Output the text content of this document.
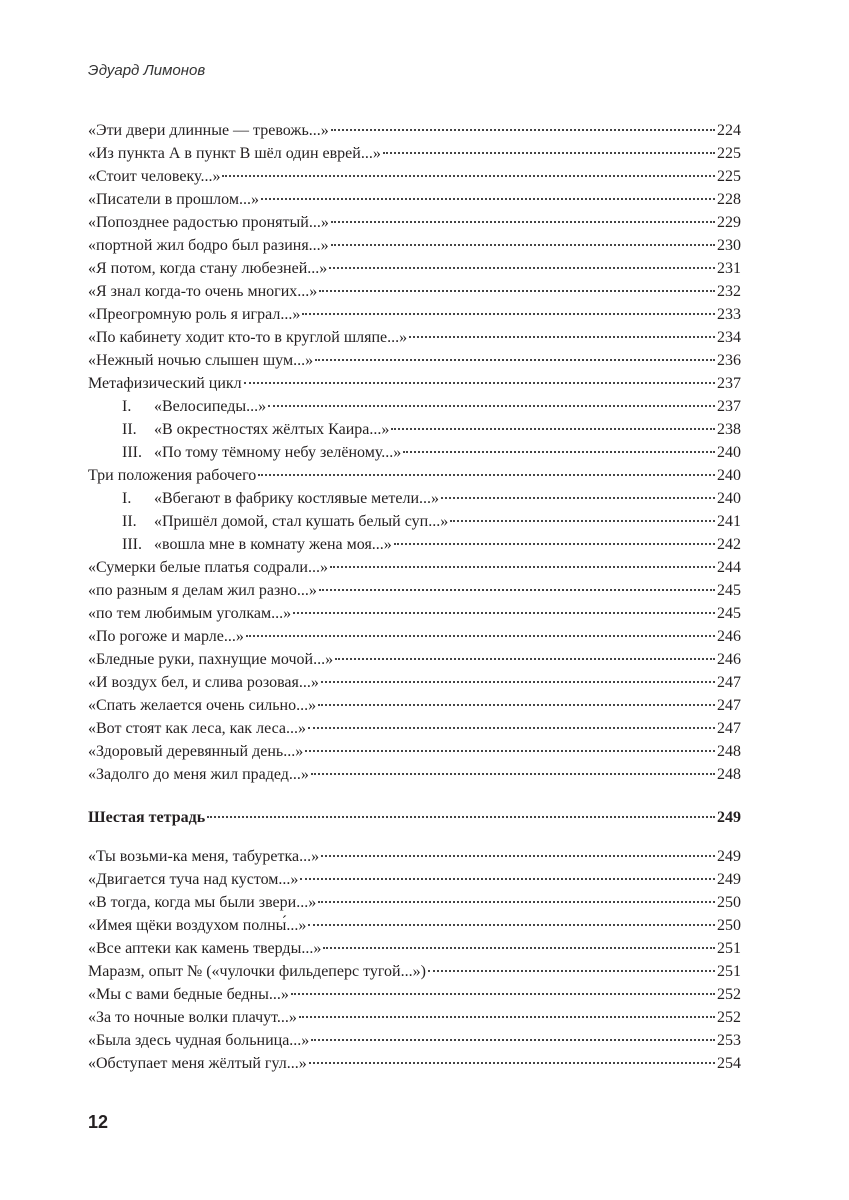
Эдуард Лимонов
«Эти двери длинные — тревожь...»	224
«Из пункта А в пункт В шёл один еврей...»	225
«Стоит человеку...»	225
«Писатели в прошлом...»	228
«Попозднее радостью пронятый...»	229
«портной жил бодро был разиня...»	230
«Я потом, когда стану любезней...»	231
«Я знал когда-то очень многих...»	232
«Преогромную роль я играл...»	233
«По кабинету ходит кто-то в круглой шляпе...»	234
«Нежный ночью слышен шум...»	236
Метафизический цикл	237
I.	«Велосипеды...»	237
II.	«В окрестностях жёлтых Каира...»	238
III. «По тому тёмному небу зелёному...»	240
Три положения рабочего	240
I.	«Вбегают в фабрику костлявые метели...»	240
II.	«Пришёл домой, стал кушать белый суп...»	241
III. «вошла мне в комнату жена моя...»	242
«Сумерки белые платья содрали...»	244
«по разным я делам жил разно...»	245
«по тем любимым уголкам...»	245
«По рогоже и марле...»	246
«Бледные руки, пахнущие мочой...»	246
«И воздух бел, и слива розовая...»	247
«Спать желается очень сильно...»	247
«Вот стоят как леса, как леса...»	247
«Здоровый деревянный день...»	248
«Задолго до меня жил прадед...»	248
Шестая тетрадь	249
«Ты возьми-ка меня, табуретка...»	249
«Двигается туча над кустом...»	249
«В тогда, когда мы были звери...»	250
«Имея щёки воздухом полны́...»	250
«Все аптеки как камень тверды...»	251
Маразм, опыт № («чулочки фильдеперс тугой...»)	251
«Мы с вами бедные бедны...»	252
«За то ночные волки плачут...»	252
«Была здесь чудная больница...»	253
«Обступает меня жёлтый гул...»	254
12
